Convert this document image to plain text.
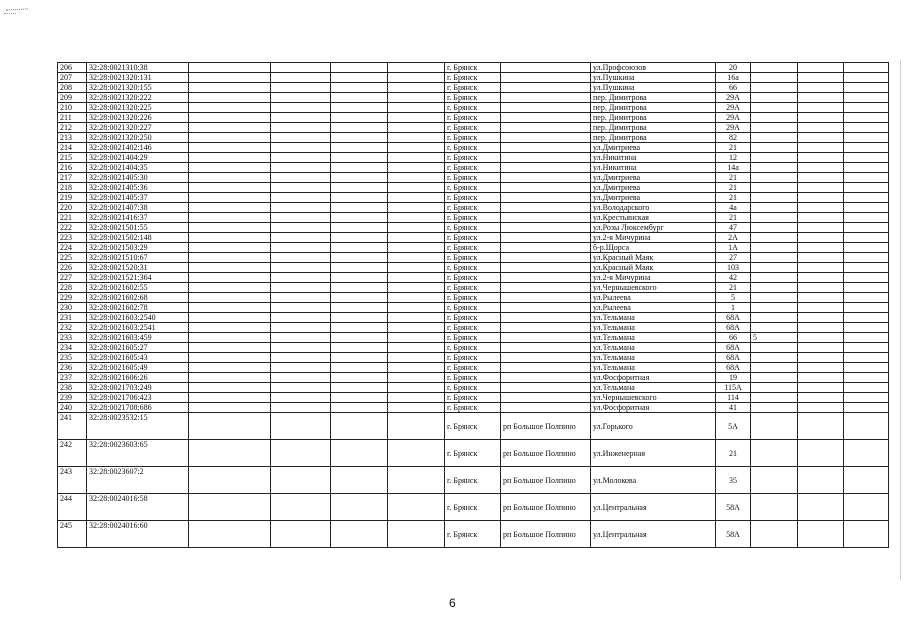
206	32:28:0021310:38					г. Брянск		ул.Профсоюзов	20			
207	32:28:0021320:131					г. Брянск		ул.Пушкина	16а			
208	32:28:0021320:155					г. Брянск		ул.Пушкина	66			
209	32:28:0021320:222					г. Брянск		пер. Димитрова	29А			
210	32:28:0021320:225					г. Брянск		пер. Димитрова	29А			
211	32:28:0021320:226					г. Брянск		пер. Димитрова	29А			
212	32:28:0021320:227					г. Брянск		пер. Димитрова	29А			
213	32:28:0021320:250					г. Брянск		пер. Димитрова	82			
214	32:28:0021402:146					г. Брянск		ул.Дмитриева	21			
215	32:28:0021404:29					г. Брянск		ул.Никитина	12			
216	32:28:0021404:35					г. Брянск		ул.Никитина	14а			
217	32:28:0021405:30					г. Брянск		ул.Дмитриева	21			
218	32:28:0021405:36					г. Брянск		ул.Дмитриева	21			
219	32:28:0021405:37					г. Брянск		ул.Дмитриева	21			
220	32:28:0021407:38					г. Брянск		ул.Володарского	4а			
221	32:28:0021416:37					г. Брянск		ул.Крестьянская	21			
222	32:28:0021501:55					г. Брянск		ул.Розы Люксембург	47			
223	32:28:0021502:148					г. Брянск		ул.2-я Мичурина	2А			
224	32:28:0021503:29					г. Брянск		б-р.Щорса	1А			
225	32:28:0021510:67					г. Брянск		ул.Красный Маяк	27			
226	32:28:0021520:31					г. Брянск		ул.Красный Маяк	103			
227	32:28:0021521:364					г. Брянск		ул.2-я Мичурина	42			
228	32:28:0021602:55					г. Брянск		ул.Чернышевского	21			
229	32:28:0021602:68					г. Брянск		ул.Рылеева	5			
230	32:28:0021602:78					г. Брянск		ул.Рылеева	1			
231	32:28:0021603:2540					г. Брянск		ул.Тельмана	68А			
232	32:28:0021603:2541					г. Брянск		ул.Тельмана	68А			
233	32:28:0021603:459					г. Брянск		ул.Тельмана	66	5		
234	32:28:0021605:27					г. Брянск		ул.Тельмана	68А			
235	32:28:0021605:43					г. Брянск		ул.Тельмана	68А			
236	32:28:0021605:49					г. Брянск		ул.Тельмана	68А			
237	32:28:0021606:26					г. Брянск		ул.Фосфоритная	19			
238	32:28:0021703:249					г. Брянск		ул.Тельмана	115А			
239	32:28:0021706:423					г. Брянск		ул.Чернышевского	114			
240	32:28:0021708:686					г. Брянск		ул.Фосфоритная	41			
241	32:28:0023532:15					г. Брянск	рп Большое Полпино	ул.Горького	5А			
242	32:28:0023603:65					г. Брянск	рп Большое Полпино	ул.Инженерная	21			
243	32:28:0023607:2					г. Брянск	рп Большое Полпино	ул.Молокова	35			
244	32:28:0024016:58					г. Брянск	рп Большое Полпино	ул.Центральная	58А			
245	32:28:0024016:60					г. Брянск	рп Большое Полпино	ул.Центральная	58А			
6
